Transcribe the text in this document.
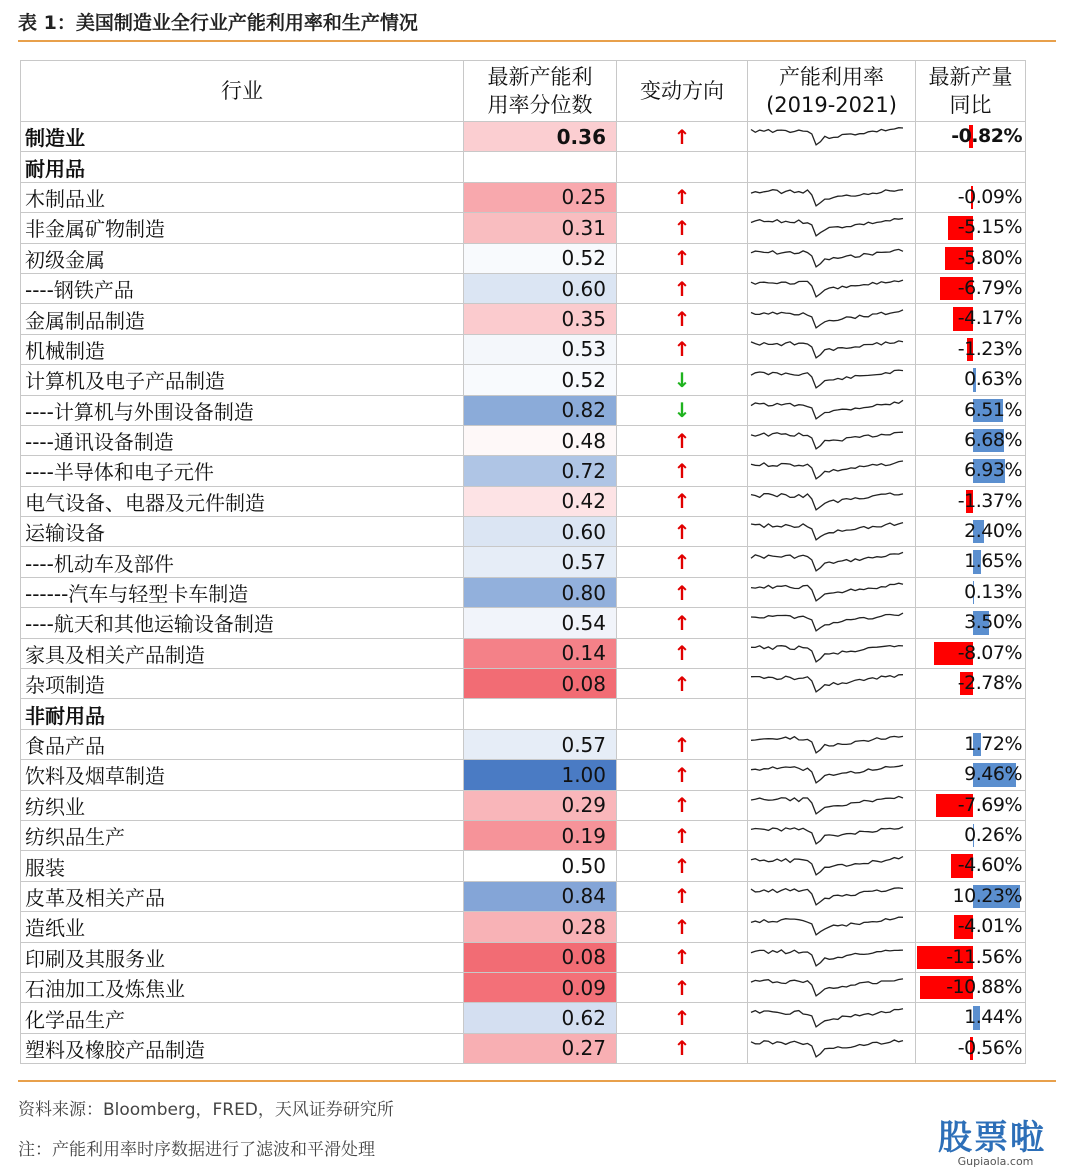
表 1：美国制造业全行业产能利用率和生产情况
行业	最新产能利用率分位数	变动方向	产能利用率(2019-2021)	最新产量同比
制造业	0.36	↑		-0.82%

耐用品				
木制品业	0.25	↑		-0.09%

非金属矿物制造	0.31	↑		-5.15%

初级金属	0.52	↑		-5.80%

----钢铁产品	0.60	↑		-6.79%

金属制品制造	0.35	↑		-4.17%

机械制造	0.53	↑		-1.23%

计算机及电子产品制造	0.52	↓		0.63%

----计算机与外围设备制造	0.82	↓		6.51%

----通讯设备制造	0.48	↑		6.68%

----半导体和电子元件	0.72	↑		6.93%

电气设备、电器及元件制造	0.42	↑		-1.37%

运输设备	0.60	↑		2.40%

----机动车及部件	0.57	↑		1.65%

------汽车与轻型卡车制造	0.80	↑		0.13%

----航天和其他运输设备制造	0.54	↑		3.50%

家具及相关产品制造	0.14	↑		-8.07%

杂项制造	0.08	↑		-2.78%

非耐用品				
食品产品	0.57	↑		1.72%

饮料及烟草制造	1.00	↑		9.46%

纺织业	0.29	↑		-7.69%

纺织品生产	0.19	↑		0.26%

服装	0.50	↑		-4.60%

皮革及相关产品	0.84	↑		10.23%

造纸业	0.28	↑		-4.01%

印刷及其服务业	0.08	↑		-11.56%

石油加工及炼焦业	0.09	↑		-10.88%

化学品生产	0.62	↑		1.44%

塑料及橡胶产品制造	0.27	↑		-0.56%
资料来源：Bloomberg，FRED，天风证券研究所
注：产能利用率时序数据进行了滤波和平滑处理	股票啦
Gupiaola.com
